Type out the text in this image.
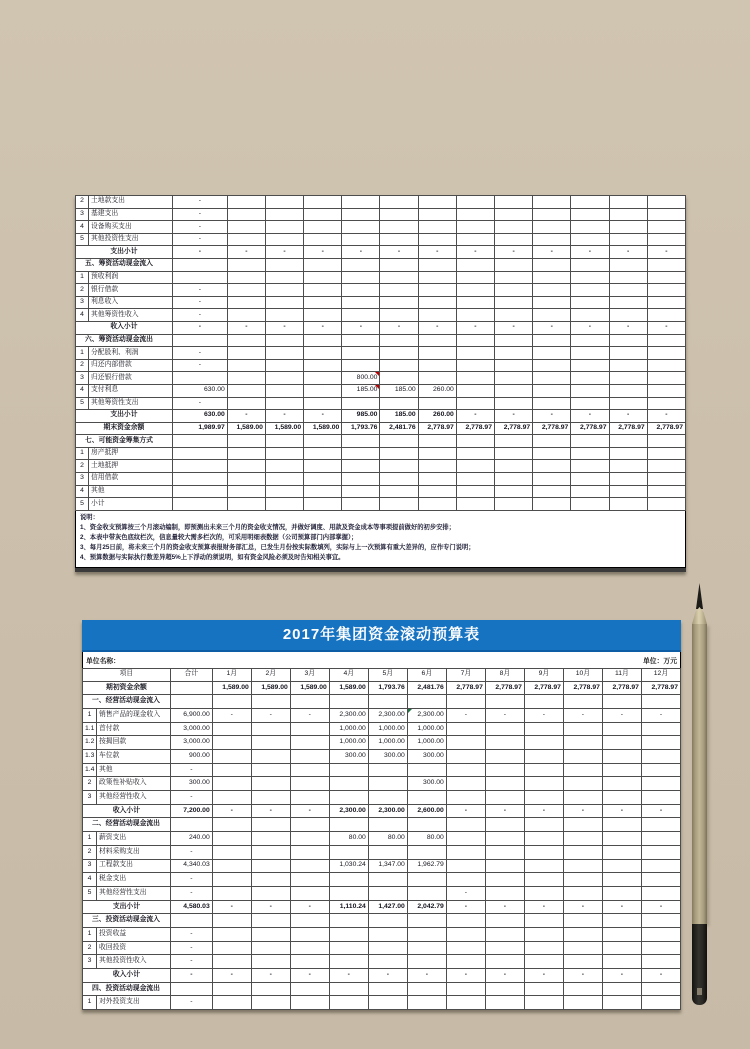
2	土地款支出	-												
3	基建支出	-												
4	设备购买支出	-												
5	其他投资性支出	-												
支出小计		-	-	-	-	-	-	-	-	-	-	-	-	-
五、筹资活动现金流入														
1	预收利润													
2	银行借款	-												
3	利息收入	-												
4	其他筹资性收入	-												
收入小计		-	-	-	-	-	-	-	-	-	-	-	-	-
六、筹资活动现金流出														
1	分配股利、利润	-												
2	归还内部借款	-												
3	归还银行借款					800.00

4	支付利息	630.00				185.00	185.00	260.00						
5	其他筹资性支出	-												
支出小计		630.00	-	-	-	985.00	185.00	260.00	-	-	-	-	-	-
期末资金余额		1,989.97	1,589.00	1,589.00	1,589.00	1,793.76	2,481.76	2,778.97	2,778.97	2,778.97	2,778.97	2,778.97	2,778.97	2,778.97
七、可能资金筹集方式														
1	房产抵押													
2	土地抵押													
3	信用借款													
4	其他													
5	小计													
说明：
1、资金收支预算按三个月滚动编制，即预测出未来三个月的资金收支情况，并做好调度、用款及资金成本等事项提前做好的初步安排；
2、本表中带灰色底纹栏次，信息量较大需多栏次的，可采用明细表数据（公司预算部门内部掌握）；
3、每月25日前，将未来三个月的资金收支预算表报财务部汇总，已发生月份按实际数填列，实际与上一次预算有重大差异的，应作专门说明；
4、预算数据与实际执行数差异超5%上下浮动的须说明，如有资金风险必须及时告知相关事宜。
2017年集团资金滚动预算表
单位名称：	单位：万元
项目		合计	1月	2月	3月	4月	5月	6月	7月	8月	9月	10月	11月	12月
期初资金余额			1,589.00	1,589.00	1,589.00	1,589.00	1,793.76	2,481.76	2,778.97	2,778.97	2,778.97	2,778.97	2,778.97	2,778.97
一、经营活动现金流入														
1	销售产品的现金收入	6,900.00	-	-	-	2,300.00	2,300.00	2,300.00	-	-	-	-	-	-
1.1	首付款	3,000.00				1,000.00	1,000.00	1,000.00						
1.2	按揭回款	3,000.00				1,000.00	1,000.00	1,000.00						
1.3	车位款	900.00				300.00	300.00	300.00						
1.4	其他	-												
2	政策性补贴收入	300.00						300.00						
3	其他经营性收入	-												
收入小计		7,200.00	-	-	-	2,300.00	2,300.00	2,600.00	-	-	-	-	-	-
二、经营活动现金流出														
1	薪资支出	240.00				80.00	80.00	80.00						
2	材料采购支出	-												
3	工程款支出	4,340.03				1,030.24	1,347.00	1,962.79						
4	税金支出	-												
5	其他经营性支出	-							-					
支出小计		4,580.03	-	-	-	1,110.24	1,427.00	2,042.79	-	-	-	-	-	-
三、投资活动现金流入														
1	投资收益	-												
2	收回投资	-												
3	其他投资性收入	-												
收入小计		-	-	-	-	-	-	-	-	-	-	-	-	-
四、投资活动现金流出														
1	对外投资支出	-												
